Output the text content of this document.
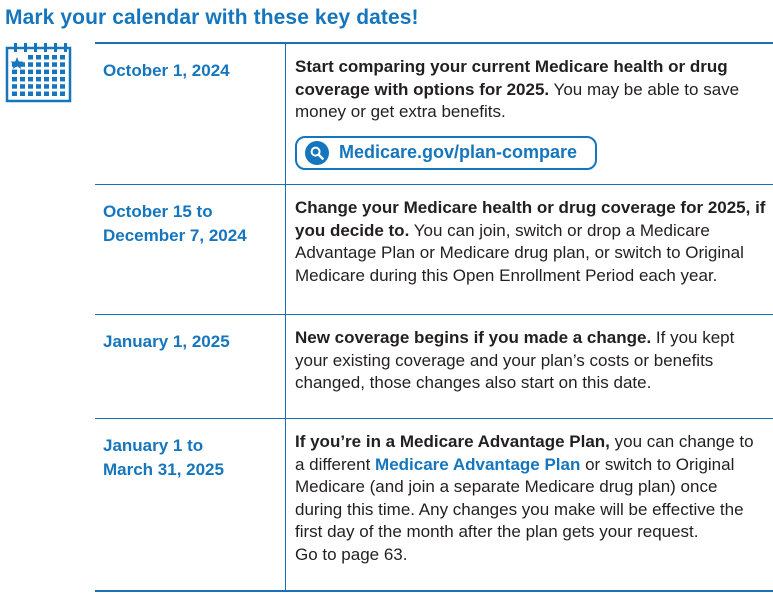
Mark your calendar with these key dates!
October 1, 2024	Start comparing your current Medicare health or drug coverage with options for 2025. You may be able to save money or get extra benefits.
Medicare.gov/plan-compare
October 15 to
December 7, 2024
Change your Medicare health or drug coverage for 2025, if you decide to. You can join, switch or drop a Medicare Advantage Plan or Medicare drug plan, or switch to Original Medicare during this Open Enrollment Period each year.
January 1, 2025	New coverage begins if you made a change. If you kept your existing coverage and your plan’s costs or benefits changed, those changes also start on this date.
January 1 to
March 31, 2025
If you’re in a Medicare Advantage Plan, you can change to a different Medicare Advantage Plan or switch to Original Medicare (and join a separate Medicare drug plan) once during this time. Any changes you make will be effective the first day of the month after the plan gets your request.
Go to page 63.
